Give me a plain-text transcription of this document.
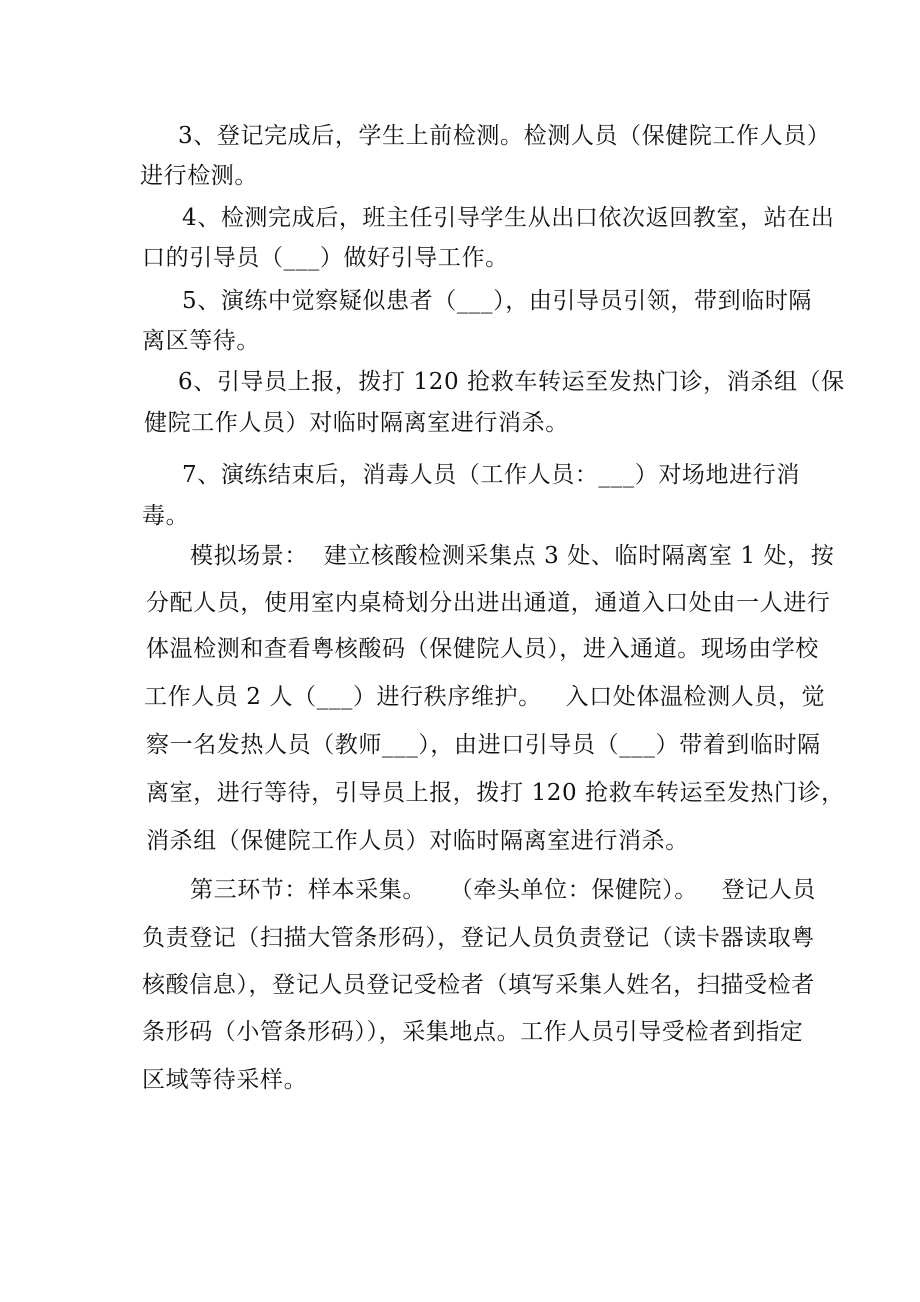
3、登记完成后，学生上前检测。检测人员（保健院工作人员）
进行检测。
4、检测完成后，班主任引导学生从出口依次返回教室，站在出
口的引导员（___）做好引导工作。
5、演练中觉察疑似患者（___），由引导员引领，带到临时隔
离区等待。
6、引导员上报，拨打 120 抢救车转运至发热门诊，消杀组（保
健院工作人员）对临时隔离室进行消杀。
7、演练结束后，消毒人员（工作人员：___）对场地进行消
毒。
模拟场景：  建立核酸检测采集点 3 处、临时隔离室 1 处，按
分配人员，使用室内桌椅划分出进出通道，通道入口处由一人进行
体温检测和查看粤核酸码（保健院人员），进入通道。现场由学校
工作人员 2 人（___）进行秩序维护。   入口处体温检测人员，觉
察一名发热人员（教师___），由进口引导员（___）带着到临时隔
离室，进行等待，引导员上报，拨打 120 抢救车转运至发热门诊，
消杀组（保健院工作人员）对临时隔离室进行消杀。
第三环节：样本采集。   （牵头单位：保健院）。   登记人员
负责登记（扫描大管条形码），登记人员负责登记（读卡器读取粤
核酸信息），登记人员登记受检者（填写采集人姓名，扫描受检者
条形码（小管条形码）），采集地点。工作人员引导受检者到指定
区域等待采样。
